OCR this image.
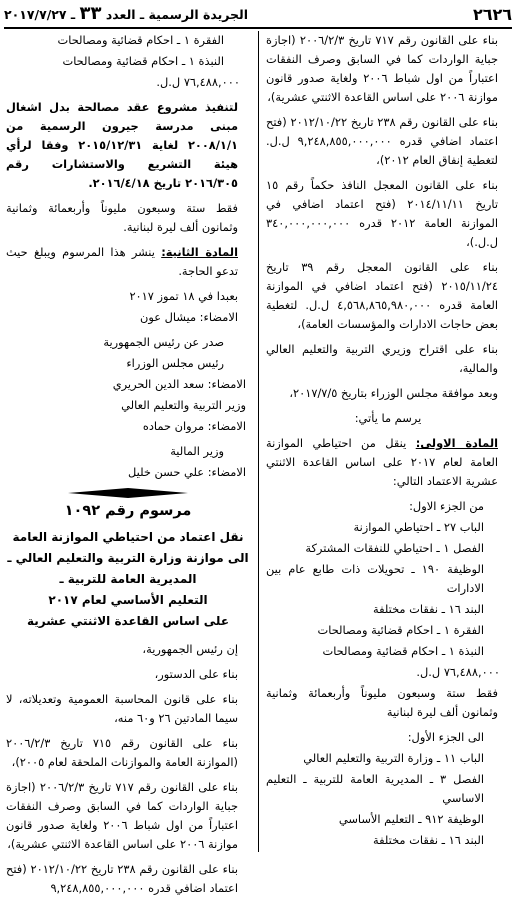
٢٦٢٦
الجريدة الرسمية ـ العدد ٣٣ ـ ٢٠١٧/٧/٢٧

بناء على القانون رقم ٧١٧ تاريخ ٢٠٠٦/٢/٣ (اجازة جباية الواردات كما في السابق وصرف النفقات اعتباراً من اول شباط ٢٠٠٦ ولغاية صدور قانون موازنة ٢٠٠٦ على اساس القاعدة الاثنتي عشرية)،

بناء على القانون رقم ٢٣٨ تاريخ ٢٠١٢/١٠/٢٢ (فتح اعتماد اضافي قدره ٩,٢٤٨,٨٥٥,٠٠٠,٠٠٠ ل.ل. لتغطية إنفاق العام ٢٠١٢)،

بناء على القانون المعجل النافذ حكماً رقم ١٥ تاريخ ٢٠١٤/١١/١١ (فتح اعتماد اضافي في الموازنة العامة ٢٠١٢ قدره ٣٤٠,٠٠٠,٠٠٠,٠٠٠ ل.ل.)،

بناء على القانون المعجل رقم ٣٩ تاريخ ٢٠١٥/١١/٢٤ (فتح اعتماد اضافي في الموازنة العامة قدره ٤,٥٦٨,٨٦٥,٩٨٠,٠٠٠ ل.ل. لتغطية بعض حاجات الادارات والمؤسسات العامة)،

بناء على اقتراح وزيري التربية والتعليم العالي والمالية،

وبعد موافقة مجلس الوزراء بتاريخ ٢٠١٧/٧/٥،

يرسم ما يأتي:

المادة الاولى: ينقل من احتياطي الموازنة العامة لعام ٢٠١٧ على اساس القاعدة الاثنتي عشرية الاعتماد التالي:

من الجزء الاول:

الباب ٢٧ ـ احتياطي الموازنة

الفصل ١ ـ احتياطي للنفقات المشتركة

الوظيفة ١٩٠ ـ تحويلات ذات طابع عام بين الادارات

البند ١٦ ـ نفقات مختلفة

الفقرة ١ ـ احكام قضائية ومصالحات

النبذة ١ ـ احكام قضائية ومصالحات

٧٦,٤٨٨,٠٠٠ ل.ل.

فقط ستة وسبعون مليوناً وأربعمائة وثمانية وثمانون ألف ليرة لبنانية

الى الجزء الأول:

الباب ١١ ـ وزارة التربية والتعليم العالي

الفصل ٣ ـ المديرية العامة للتربية ـ التعليم الاساسي

الوظيفة ٩١٢ ـ التعليم الأساسي

البند ١٦ ـ نفقات مختلفة

الفقرة ١ ـ احكام قضائية ومصالحات

النبذة ١ ـ احكام قضائية ومصالحات

٧٦,٤٨٨,٠٠٠ ل.ل.

لتنفيذ مشروع عقد مصالحة بدل اشغال مبنى مدرسة جيرون الرسمية من ٢٠٠٨/١/١ لغاية ٢٠١٥/١٢/٣١ وفقا لرأي هيئة التشريع والاستشارات رقم ٢٠١٦/٣٠٥ تاريخ ٢٠١٦/٤/١٨.

فقط ستة وسبعون مليوناً وأربعمائة وثمانية وثمانون ألف ليرة لبنانية.

المادة الثانية: ينشر هذا المرسوم ويبلغ حيث تدعو الحاجة.

بعبدا في ١٨ تموز ٢٠١٧

الامضاء: ميشال عون

صدر عن رئيس الجمهورية

رئيس مجلس الوزراء

الامضاء: سعد الدين الحريري

وزير التربية والتعليم العالي

الامضاء: مروان حماده

وزير المالية

الامضاء: علي حسن خليل

مرسوم رقم ١٠٩٢

نقل اعتماد من احتياطي الموازنة العامة
الى موازنة وزارة التربية والتعليم العالي ـ
المديرية العامة للتربية ـ
التعليم الأساسي لعام ٢٠١٧
على اساس القاعدة الاثنتي عشرية

إن رئيس الجمهورية،

بناء على الدستور،

بناء على قانون المحاسبة العمومية وتعديلاته، لا سيما المادتين ٢٦ و٦٠ منه،

بناء على القانون رقم ٧١٥ تاريخ ٢٠٠٦/٢/٣ (الموازنة العامة والموازنات الملحقة لعام ٢٠٠٥)،

بناء على القانون رقم ٧١٧ تاريخ ٢٠٠٦/٢/٣ (اجازة جباية الواردات كما في السابق وصرف النفقات اعتباراً من اول شباط ٢٠٠٦ ولغاية صدور قانون موازنة ٢٠٠٦ على اساس القاعدة الاثنتي عشرية)،

بناء على القانون رقم ٢٣٨ تاريخ ٢٠١٢/١٠/٢٢ (فتح اعتماد اضافي قدره ٩,٢٤٨,٨٥٥,٠٠٠,٠٠٠
